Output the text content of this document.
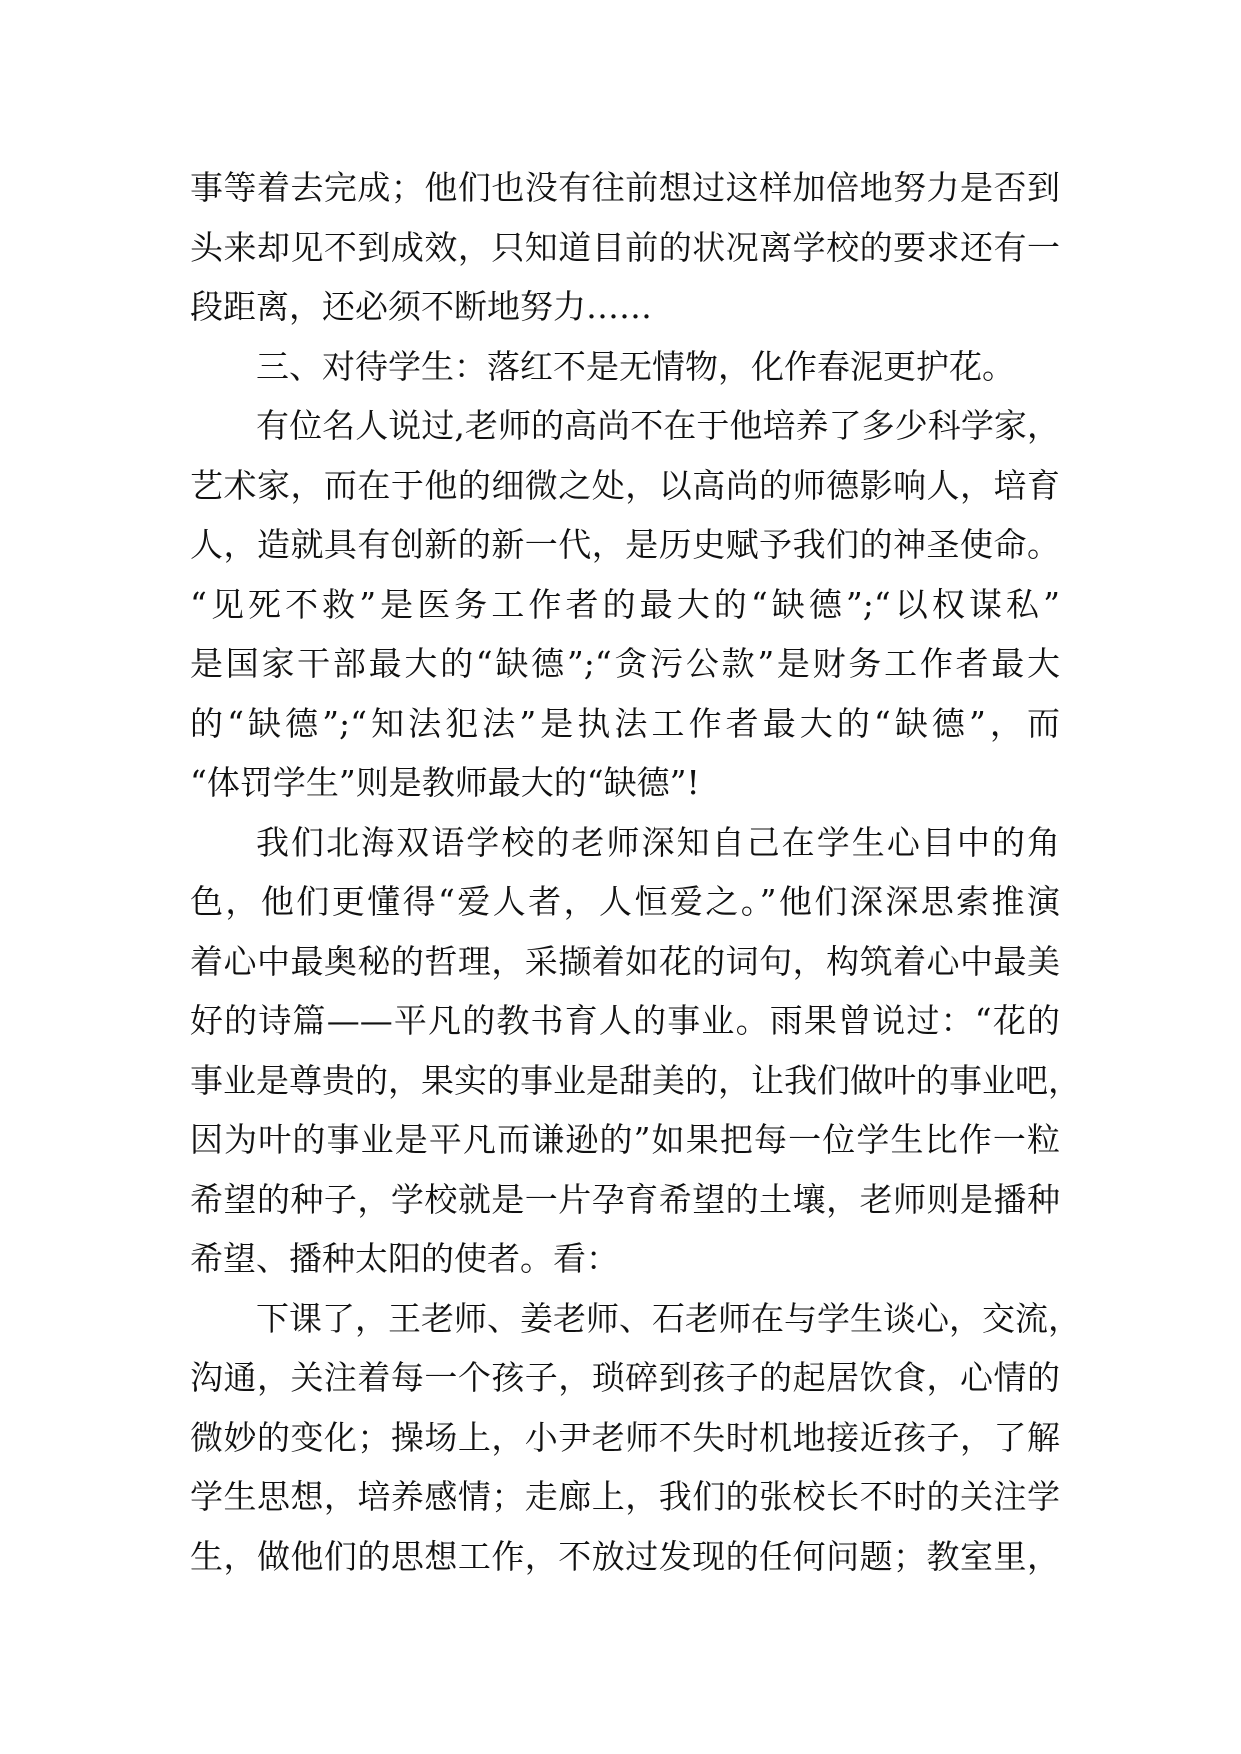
事等着去完成；他们也没有往前想过这样加倍地努力是否到
头来却见不到成效，只知道目前的状况离学校的要求还有一
段距离，还必须不断地努力……
三、对待学生：落红不是无情物，化作春泥更护花。
有位名人说过,老师的高尚不在于他培养了多少科学家，
艺术家，而在于他的细微之处，以高尚的师德影响人，培育
人，造就具有创新的新一代，是历史赋予我们的神圣使命。
“见死不救”是医务工作者的最大的“缺德”;“以权谋私”
是国家干部最大的“缺德”;“贪污公款”是财务工作者最大
的“缺德”;“知法犯法”是执法工作者最大的“缺德”，而
“体罚学生”则是教师最大的“缺德”!
我们北海双语学校的老师深知自己在学生心目中的角
色，他们更懂得“爱人者，人恒爱之。”他们深深思索推演
着心中最奥秘的哲理，采撷着如花的词句，构筑着心中最美
好的诗篇——平凡的教书育人的事业。雨果曾说过：“花的
事业是尊贵的，果实的事业是甜美的，让我们做叶的事业吧，
因为叶的事业是平凡而谦逊的”如果把每一位学生比作一粒
希望的种子，学校就是一片孕育希望的土壤，老师则是播种
希望、播种太阳的使者。看：
下课了，王老师、姜老师、石老师在与学生谈心，交流，
沟通，关注着每一个孩子，琐碎到孩子的起居饮食，心情的
微妙的变化；操场上，小尹老师不失时机地接近孩子，了解
学生思想，培养感情；走廊上，我们的张校长不时的关注学
生，做他们的思想工作，不放过发现的任何问题；教室里，
